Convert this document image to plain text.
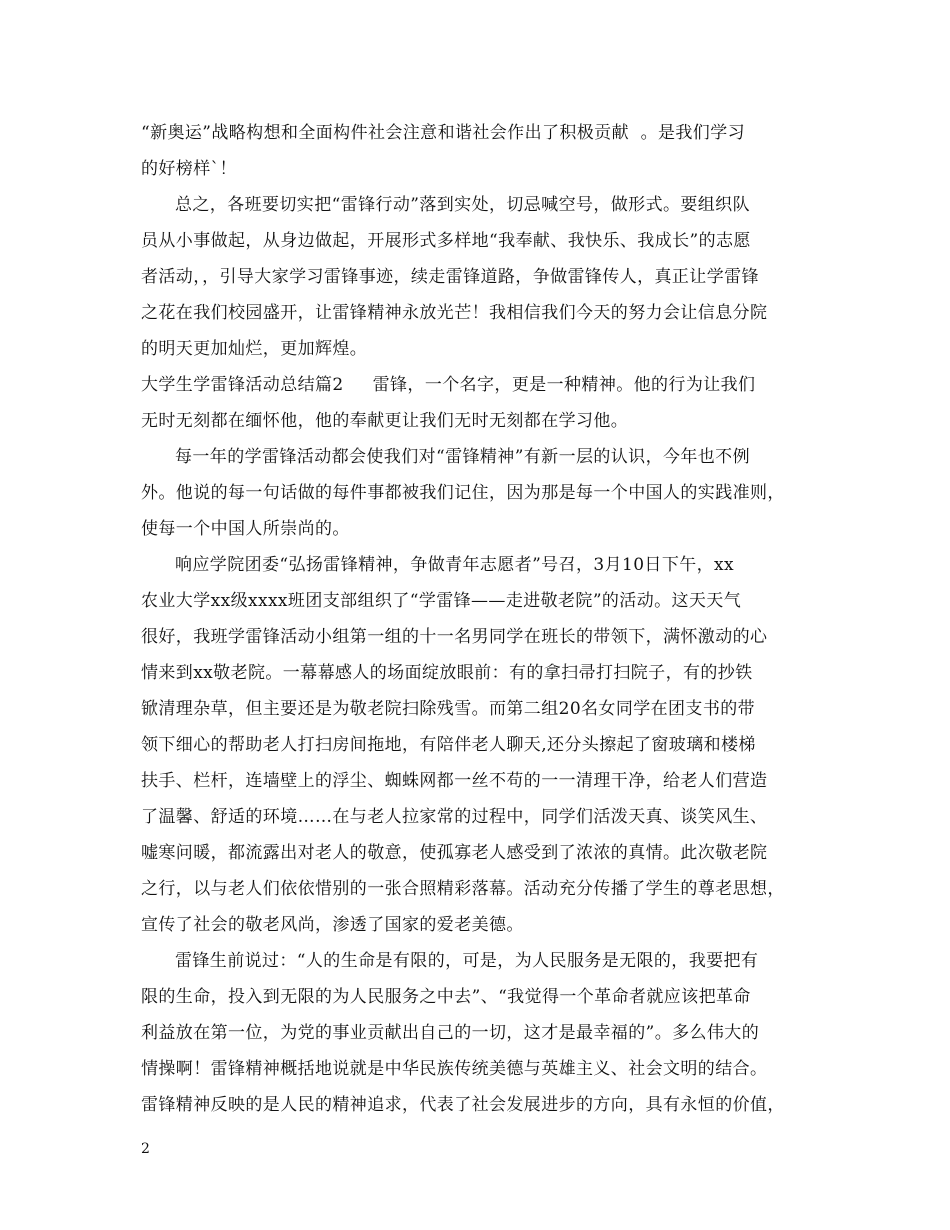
“新奥运”战略构想和全面构件社会注意和谐社会作出了积极贡献  。是我们学习
的好榜样`！
总之，各班要切实把“雷锋行动”落到实处，切忌喊空号，做形式。要组织队
员从小事做起，从身边做起，开展形式多样地“我奉献、我快乐、我成长”的志愿
者活动，，引导大家学习雷锋事迹，续走雷锋道路，争做雷锋传人，真正让学雷锋
之花在我们校园盛开，让雷锋精神永放光芒！我相信我们今天的努力会让信息分院
的明天更加灿烂，更加辉煌。
大学生学雷锋活动总结篇2     雷锋，一个名字，更是一种精神。他的行为让我们
无时无刻都在缅怀他，他的奉献更让我们无时无刻都在学习他。
每一年的学雷锋活动都会使我们对“雷锋精神”有新一层的认识，今年也不例
外。他说的每一句话做的每件事都被我们记住，因为那是每一个中国人的实践准则，
使每一个中国人所崇尚的。
响应学院团委“弘扬雷锋精神，争做青年志愿者”号召，3月10日下午，xx
农业大学xx级xxxx班团支部组织了“学雷锋——走进敬老院”的活动。这天天气
很好，我班学雷锋活动小组第一组的十一名男同学在班长的带领下，满怀激动的心
情来到xx敬老院。一幕幕感人的场面绽放眼前：有的拿扫帚打扫院子，有的抄铁
锨清理杂草，但主要还是为敬老院扫除残雪。而第二组20名女同学在团支书的带
领下细心的帮助老人打扫房间拖地，有陪伴老人聊天,还分头擦起了窗玻璃和楼梯
扶手、栏杆，连墙壁上的浮尘、蜘蛛网都一丝不苟的一一清理干净，给老人们营造
了温馨、舒适的环境……在与老人拉家常的过程中，同学们活泼天真、谈笑风生、
嘘寒问暖，都流露出对老人的敬意，使孤寡老人感受到了浓浓的真情。此次敬老院
之行，以与老人们依依惜别的一张合照精彩落幕。活动充分传播了学生的尊老思想，
宣传了社会的敬老风尚，渗透了国家的爱老美德。
雷锋生前说过：“人的生命是有限的，可是，为人民服务是无限的，我要把有
限的生命，投入到无限的为人民服务之中去”、“我觉得一个革命者就应该把革命
利益放在第一位，为党的事业贡献出自己的一切，这才是最幸福的”。多么伟大的
情操啊！雷锋精神概括地说就是中华民族传统美德与英雄主义、社会文明的结合。
雷锋精神反映的是人民的精神追求，代表了社会发展进步的方向，具有永恒的价值，
2
